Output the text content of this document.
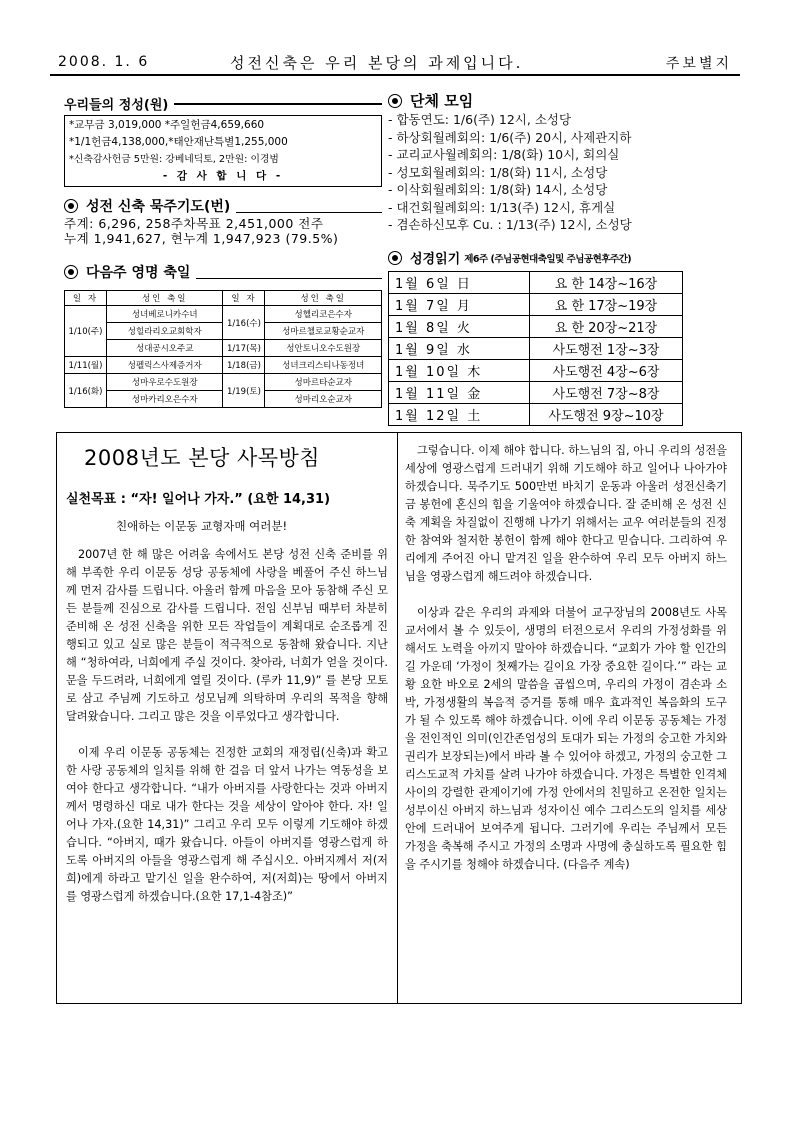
2008. 1. 6	성전신축은 우리 본당의 과제입니다.	주보별지
우리들의 정성(원)
*교무금 3,019,000 *주일헌금4,659,660
*1/1헌금4,138,000,*태안재난특별1,255,000
*신축감사헌금 5만원: 강베네딕토, 2만원: 이경범
- 감 사 합 니 다 -
성전 신축 묵주기도(번)
주계: 6,296, 258주차목표 2,451,000 전주
누계 1,941,627, 현누계 1,947,923 (79.5%)
다음주 영명 축일
일 자	성인 축일	일 자	성인 축일
1/10(주)	성녀베로니카수녀	1/16(수)	성헬리코은수자
	성힐라리오교회학자		성마르첼로교황순교자
	성대공시오주교	1/17(목)	성안토니오수도원장
1/11(월)	성펠릭스사제증거자	1/18(금)	성녀크리스티나동정녀
1/16(화)	성마우로수도원장	1/19(토)	성마르타순교자
	성마카리오은수자		성마리오순교자
단체 모임
- 합동연도: 1/6(주) 12시, 소성당
- 하상회월례회의: 1/6(주) 20시, 사제관지하
- 교리교사월례회의: 1/8(화) 10시, 회의실
- 성모회월례회의: 1/8(화) 11시, 소성당
- 이삭회월례회의: 1/8(화) 14시, 소성당
- 대건회월례회의: 1/13(주) 12시, 휴게실
- 겸손하신모후 Cu. : 1/13(주) 12시, 소성당
성경읽기 제6주 (주님공현대축일및 주님공현후주간)
1월 6일 日	요 한 14장~16장
1월 7일 月	요 한 17장~19장
1월 8일 火	요 한 20장~21장
1월 9일 水	사도행전 1장~3장
1월 10일 木	사도행전 4장~6장
1월 11일 金	사도행전 7장~8장
1월 12일 土	사도행전 9장~10장
2008년도 본당 사목방침
실천목표 : “자! 일어나 가자.” (요한 14,31)
친애하는 이문동 교형자매 여러분!

2007년 한 해 많은 어려움 속에서도 본당 성전 신축 준비를 위해 부족한 우리 이문동 성당 공동체에 사랑을 베풀어 주신 하느님께 먼저 감사를 드립니다. 아울러 함께 마음을 모아 동참해 주신 모든 분들께 진심으로 감사를 드립니다. 전임 신부님 때부터 차분히 준비해 온 성전 신축을 위한 모든 작업들이 계획대로 순조롭게 진행되고 있고 실로 많은 분들이 적극적으로 동참해 왔습니다. 지난해 “청하여라, 너희에게 주실 것이다. 찾아라, 너희가 얻을 것이다. 문을 두드려라, 너희에게 열릴 것이다. (루카 11,9)” 를 본당 모토로 삼고 주님께 기도하고 성모님께 의탁하며 우리의 목적을 향해 달려왔습니다. 그리고 많은 것을 이루었다고 생각합니다.

이제 우리 이문동 공동체는 진정한 교회의 재정립(신축)과 확고한 사랑 공동체의 일치를 위해 한 걸음 더 앞서 나가는 역동성을 보여야 한다고 생각합니다. “내가 아버지를 사랑한다는 것과 아버지께서 명령하신 대로 내가 한다는 것을 세상이 알아야 한다. 자! 일어나 가자.(요한 14,31)” 그리고 우리 모두 이렇게 기도해야 하겠습니다. “아버지, 때가 왔습니다. 아들이 아버지를 영광스럽게 하도록 아버지의 아들을 영광스럽게 해 주십시오. 아버지께서 저(저희)에게 하라고 맡기신 일을 완수하여, 저(저희)는 땅에서 아버지를 영광스럽게 하겠습니다.(요한 17,1-4참조)”

그렇습니다. 이제 해야 합니다. 하느님의 집, 아니 우리의 성전을 세상에 영광스럽게 드러내기 위해 기도해야 하고 일어나 나아가야 하겠습니다. 묵주기도 500만번 바치기 운동과 아울러 성전신축기금 봉헌에 혼신의 힘을 기울여야 하겠습니다. 잘 준비해 온 성전 신축 계획을 차질없이 진행해 나가기 위해서는 교우 여러분들의 진정한 참여와 철저한 봉헌이 함께 해야 한다고 믿습니다. 그리하여 우리에게 주어진 아니 맡겨진 일을 완수하여 우리 모두 아버지 하느님을 영광스럽게 해드려야 하겠습니다.

이상과 같은 우리의 과제와 더불어 교구장님의 2008년도 사목교서에서 볼 수 있듯이, 생명의 터전으로서 우리의 가정성화를 위해서도 노력을 아끼지 말아야 하겠습니다. “교회가 가야 할 인간의 길 가운데 ‘가정이 첫째가는 길이요 가장 중요한 길이다.’” 라는 교황 요한 바오로 2세의 말씀을 곱씹으며, 우리의 가정이 겸손과 소박, 가정생활의 복음적 증거를 통해 매우 효과적인 복음화의 도구가 될 수 있도록 해야 하겠습니다. 이에 우리 이문동 공동체는 가정을 전인적인 의미(인간존엄성의 토대가 되는 가정의 숭고한 가치와 권리가 보장되는)에서 바라 볼 수 있어야 하겠고, 가정의 숭고한 그리스도교적 가치를 살려 나가야 하겠습니다. 가정은 특별한 인격체 사이의 강렬한 관계이기에 가정 안에서의 친밀하고 온전한 일치는 성부이신 아버지 하느님과 성자이신 예수 그리스도의 일치를 세상 안에 드러내어 보여주게 됩니다. 그러기에 우리는 주님께서 모든 가정을 축복해 주시고 가정의 소명과 사명에 충실하도록 필요한 힘을 주시기를 청해야 하겠습니다. (다음주 계속)
